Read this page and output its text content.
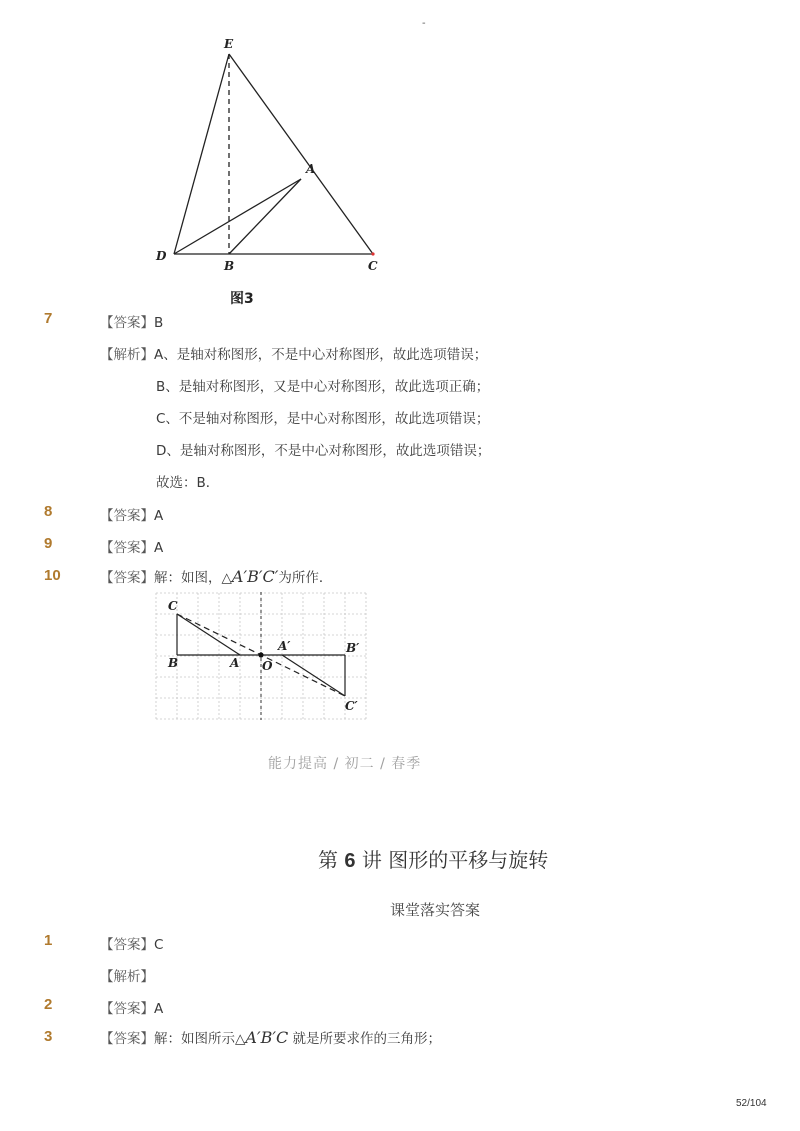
-
E
A
D
B	C
图3
7	【答案】B
【解析】A、是轴对称图形，不是中心对称图形，故此选项错误；
B、是轴对称图形，又是中心对称图形，故此选项正确；
C、不是轴对称图形，是中心对称图形，故此选项错误；
D、是轴对称图形，不是中心对称图形，故此选项错误；
故选：B．
8	【答案】A
9	【答案】A
10	【答案】解：如图，△A′B′C′为所作．
C
B	A O
A′	B′
C′
能力提高 / 初二 / 春季
第 6 讲 图形的平移与旋转
课堂落实答案
1	【答案】C
【解析】
2	【答案】A
3	【答案】解：如图所示△A′B′C 就是所要求作的三角形；
52/104
